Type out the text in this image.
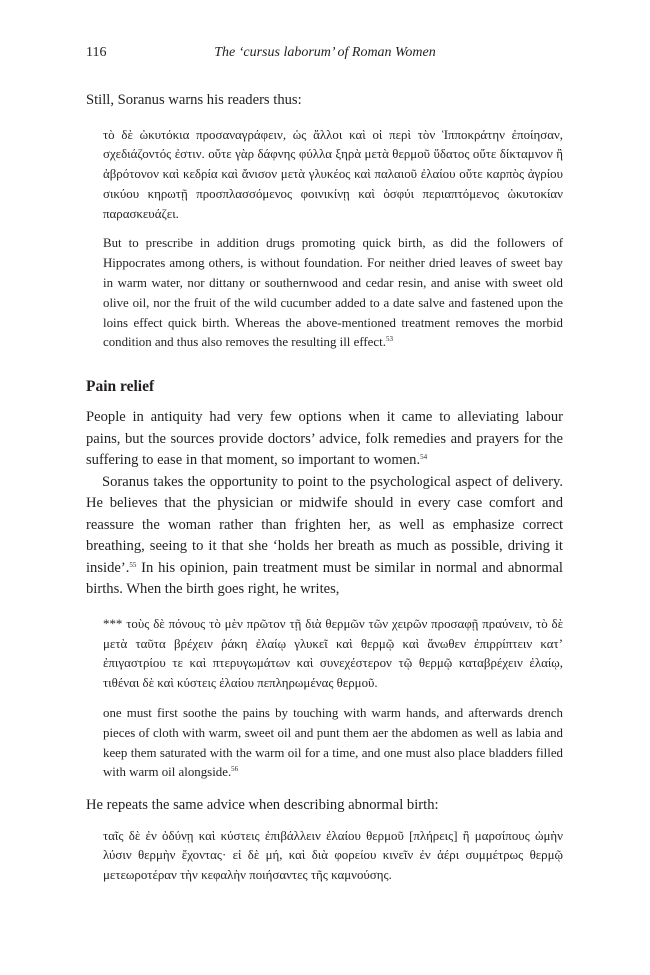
116	The ‘cursus laborum’ of Roman Women

Still, Soranus warns his readers thus:

τὸ δὲ ὠκυτόκια προσαναγράφειν, ὡς ἄλλοι καὶ οἱ περὶ τὸν Ἱπποκράτην ἐποίησαν, σχεδιάζοντός ἐστιν. οὔτε γὰρ δάφνης φύλλα ξηρὰ μετὰ θερμοῦ ὕδατος οὔτε δίκταμνον ἢ ἀβρότονον καὶ κεδρία καὶ ἄνισον μετὰ γλυκέος καὶ παλαιοῦ ἐλαίου οὔτε καρπὸς ἀγρίου σικύου κηρωτῇ προσπλασσόμενος φοινικίνῃ καὶ ὀσφύι περιαπτόμενος ὠκυτοκίαν παρασκευάζει.

But to prescribe in addition drugs promoting quick birth, as did the followers of Hippocrates among others, is without foundation. For neither dried leaves of sweet bay in warm water, nor dittany or southernwood and cedar resin, and anise with sweet old olive oil, nor the fruit of the wild cucumber added to a date salve and fastened upon the loins effect quick birth. Whereas the above-mentioned treatment removes the morbid condition and thus also removes the resulting ill effect.$^{53}$

Pain relief

People in antiquity had very few options when it came to alleviating labour pains, but the sources provide doctors’ advice, folk remedies and prayers for the suffering to ease in that moment, so important to women.$^{54}$

Soranus takes the opportunity to point to the psychological aspect of delivery. He believes that the physician or midwife should in every case comfort and reassure the woman rather than frighten her, as well as emphasize correct breathing, seeing to it that she ‘holds her breath as much as possible, driving it inside’.$^{55}$ In his opinion, pain treatment must be similar in normal and abnormal births. When the birth goes right, he writes,

*** τοὺς δὲ πόνους τὸ μὲν πρῶτον τῇ διὰ θερμῶν τῶν χειρῶν προσαφῇ πραύνειν, τὸ δὲ μετὰ ταῦτα βρέχειν ῥάκη ἐλαίῳ γλυκεῖ καὶ θερμῷ καὶ ἄνωθεν ἐπιρρίπτειν κατ’ ἐπιγαστρίου τε καὶ πτερυγωμάτων καὶ συνεχέστερον τῷ θερμῷ καταβρέχειν ἐλαίῳ, τιθέναι δὲ καὶ κύστεις ἐλαίου πεπληρωμένας θερμοῦ.

one must first soothe the pains by touching with warm hands, and afterwards drench pieces of cloth with warm, sweet oil and punt them aer the abdomen as well as labia and keep them saturated with the warm oil for a time, and one must also place bladders filled with warm oil alongside.$^{56}$

He repeats the same advice when describing abnormal birth:

ταῖς δὲ ἐν ὀδύνῃ καὶ κύστεις ἐπιβάλλειν ἐλαίου θερμοῦ [πλήρεις] ἢ μαρσίπους ὠμὴν λύσιν θερμὴν ἔχοντας· εἰ δὲ μή, καὶ διὰ φορείου κινεῖν ἐν ἀέρι συμμέτρως θερμῷ μετεωροτέραν τὴν κεφαλὴν ποιήσαντες τῆς καμνούσης.
